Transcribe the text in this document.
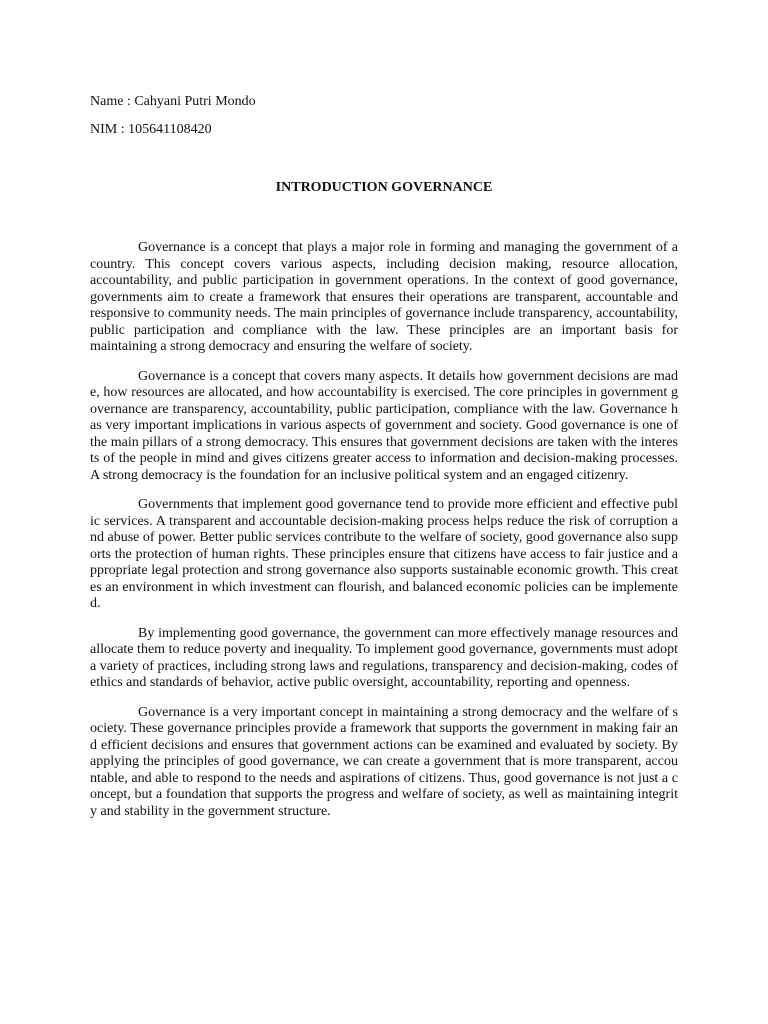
Name : Cahyani Putri Mondo
NIM : 105641108420
INTRODUCTION GOVERNANCE

Governance is a concept that plays a major role in forming and managing the government of a country. This concept covers various aspects, including decision making, resource allocation, accountability, and public participation in government operations. In the context of good governance, governments aim to create a framework that ensures their operations are transparent, accountable and responsive to community needs. The main principles of governance include transparency, accountability, public participation and compliance with the law. These principles are an important basis for maintaining a strong democracy and ensuring the welfare of society.

Governance is a concept that covers many aspects. It details how government decisions are made, how resources are allocated, and how accountability is exercised. The core principles in government governance are transparency, accountability, public participation, compliance with the law. Governance has very important implications in various aspects of government and society. Good governance is one of the main pillars of a strong democracy. This ensures that government decisions are taken with the interests of the people in mind and gives citizens greater access to information and decision-making processes. A strong democracy is the foundation for an inclusive political system and an engaged citizenry.

Governments that implement good governance tend to provide more efficient and effective public services. A transparent and accountable decision-making process helps reduce the risk of corruption and abuse of power. Better public services contribute to the welfare of society, good governance also supports the protection of human rights. These principles ensure that citizens have access to fair justice and appropriate legal protection and strong governance also supports sustainable economic growth. This creates an environment in which investment can flourish, and balanced economic policies can be implemented.

By implementing good governance, the government can more effectively manage resources and allocate them to reduce poverty and inequality. To implement good governance, governments must adopt a variety of practices, including strong laws and regulations, transparency and decision-making, codes of ethics and standards of behavior, active public oversight, accountability, reporting and openness.

Governance is a very important concept in maintaining a strong democracy and the welfare of society. These governance principles provide a framework that supports the government in making fair and efficient decisions and ensures that government actions can be examined and evaluated by society. By applying the principles of good governance, we can create a government that is more transparent, accountable, and able to respond to the needs and aspirations of citizens. Thus, good governance is not just a concept, but a foundation that supports the progress and welfare of society, as well as maintaining integrity and stability in the government structure.
